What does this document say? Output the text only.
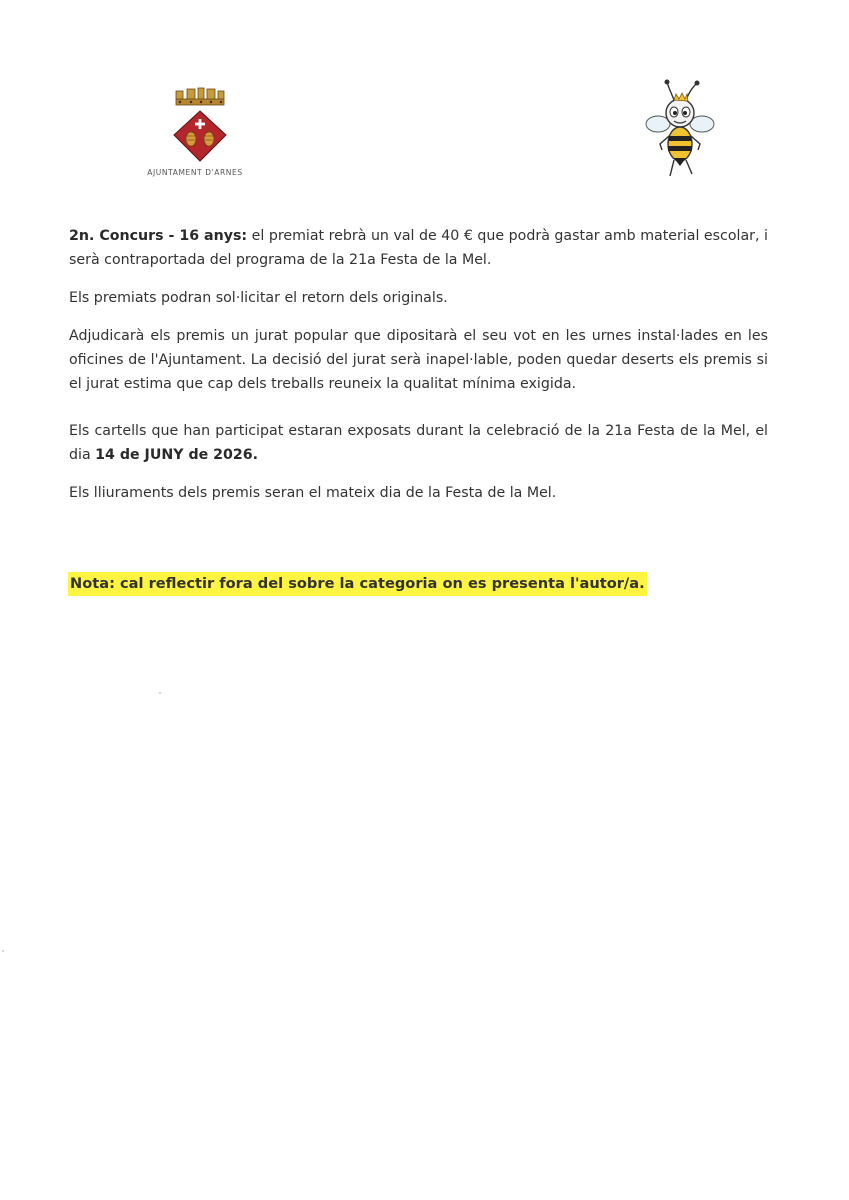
AJUNTAMENT D'ARNES

2n. Concurs - 16 anys: el premiat rebrà un val de 40 € que podrà gastar amb material escolar, i serà contraportada del programa de la 21a Festa de la Mel.

Els premiats podran sol·licitar el retorn dels originals.

Adjudicarà els premis un jurat popular que dipositarà el seu vot en les urnes instal·lades en les oficines de l'Ajuntament. La decisió del jurat serà inapel·lable, poden quedar deserts els premis si el jurat estima que cap dels treballs reuneix la qualitat mínima exigida.

Els cartells que han participat estaran exposats durant la celebració de la 21a Festa de la Mel, el dia 14 de JUNY de 2026.

Els lliuraments dels premis seran el mateix dia de la Festa de la Mel.

Nota: cal reflectir fora del sobre la categoria on es presenta l'autor/a.
